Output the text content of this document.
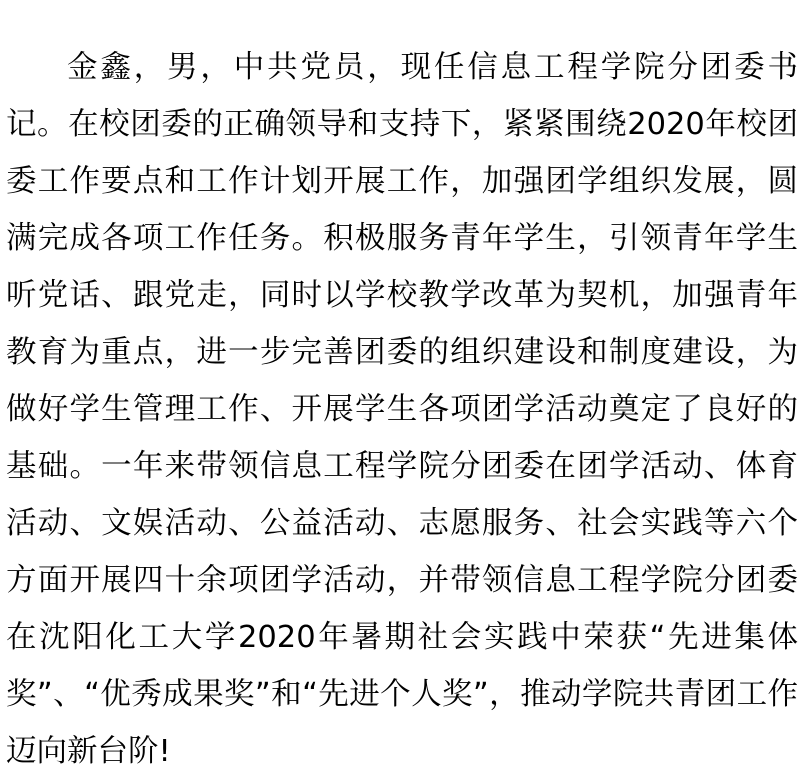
金鑫，男，中共党员，现任信息工程学院分团委书记。在校团委的正确领导和支持下，紧紧围绕2020年校团委工作要点和工作计划开展工作，加强团学组织发展，圆满完成各项工作任务。积极服务青年学生，引领青年学生听党话、跟党走，同时以学校教学改革为契机，加强青年教育为重点，进一步完善团委的组织建设和制度建设，为做好学生管理工作、开展学生各项团学活动奠定了良好的基础。一年来带领信息工程学院分团委在团学活动、体育活动、文娱活动、公益活动、志愿服务、社会实践等六个方面开展四十余项团学活动，并带领信息工程学院分团委在沈阳化工大学2020年暑期社会实践中荣获“先进集体奖”、“优秀成果奖”和“先进个人奖”，推动学院共青团工作迈向新台阶!
